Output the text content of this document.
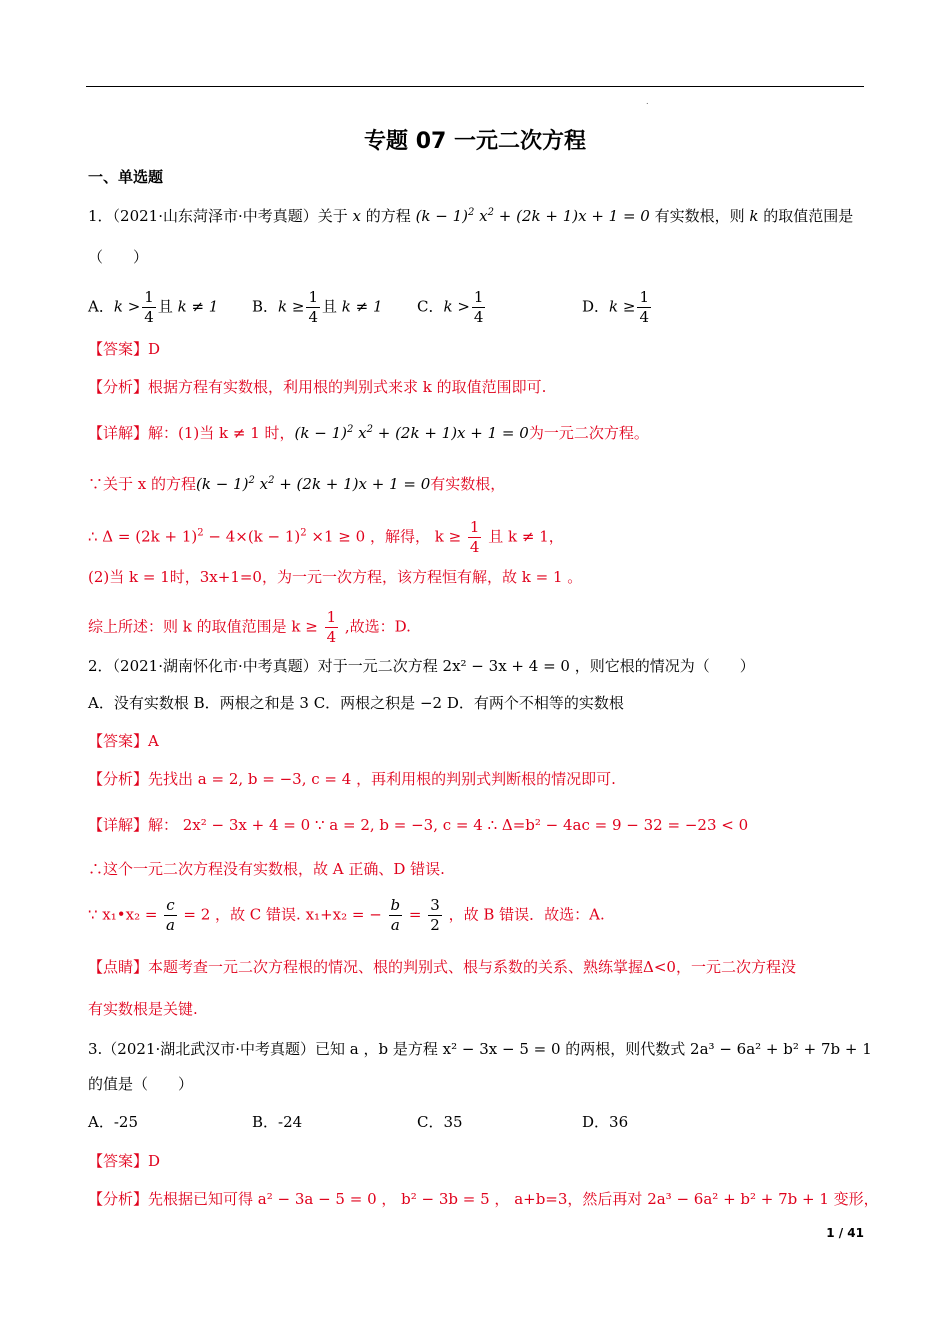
.
专题 07 一元二次方程
一、单选题
1．（2021·山东菏泽市·中考真题）关于 x 的方程 $(k - 1)^2$ $x^2 + (2k + 1)x + 1 = 0$ 有实数根，则 k 的取值范围是
（　　）
A．$k > \frac{1}{4}$ 且 k ≠ 1 B．$k \ge \frac{1}{4}$ 且 k ≠ 1 C．$k > \frac{1}{4}$	D．$k \ge \frac{1}{4}$
【答案】D
【分析】根据方程有实数根，利用根的判别式来求 k 的取值范围即可.
【详解】解：(1)当 k ≠ 1 时，$(k - 1)^2$ $x^2 + (2k + 1)x + 1 = 0$为一元二次方程。
∵关于 x 的方程$(k - 1)^2$ $x^2 + (2k + 1)x + 1 = 0$有实数根，
∴ $\Delta = (2k + 1)^2 - 4\times(k - 1)^2 \times 1 \ge 0$ ，解得， $k \ge \frac{1}{4}$ 且 k ≠ 1，
(2)当 k = 1时，3x+1=0，为一元一次方程，该方程恒有解，故 k = 1 。
综上所述：则 k 的取值范围是 $k \ge \frac{1}{4}$ ,故选：D.
2．（2021·湖南怀化市·中考真题）对于一元二次方程 2x² − 3x + 4 = 0 ，则它根的情况为（　　）
A．没有实数根 B．两根之和是 3 C．两根之积是 −2 D．有两个不相等的实数根
【答案】A
【分析】先找出 a = 2, b = −3, c = 4 ，再利用根的判别式判断根的情况即可.
【详解】解： 2x² − 3x + 4 = 0 ∵ a = 2, b = −3, c = 4 ∴ Δ=b² − 4ac = 9 − 32 = −23 < 0
∴这个一元二次方程没有实数根，故 A 正确、D 错误.
∵ x₁•x₂ = $\frac{c}{a} = 2$ ，故 C 错误. x₁+x₂ = − $\frac{b}{a} = \frac{3}{2}$ ，故 B 错误．故选：A.
【点睛】本题考查一元二次方程根的情况、根的判别式、根与系数的关系、熟练掌握Δ<0，一元二次方程没
有实数根是关键.
3.（2021·湖北武汉市·中考真题）已知 a ，b 是方程 x² − 3x − 5 = 0 的两根，则代数式 2a³ − 6a² + b² + 7b + 1
的值是（　　）
A．-25	B．-24	C．35	D．36
【答案】D
【分析】先根据已知可得 a² − 3a − 5 = 0 ， b² − 3b = 5 ， a+b=3，然后再对 2a³ − 6a² + b² + 7b + 1 变形，
1 / 41
